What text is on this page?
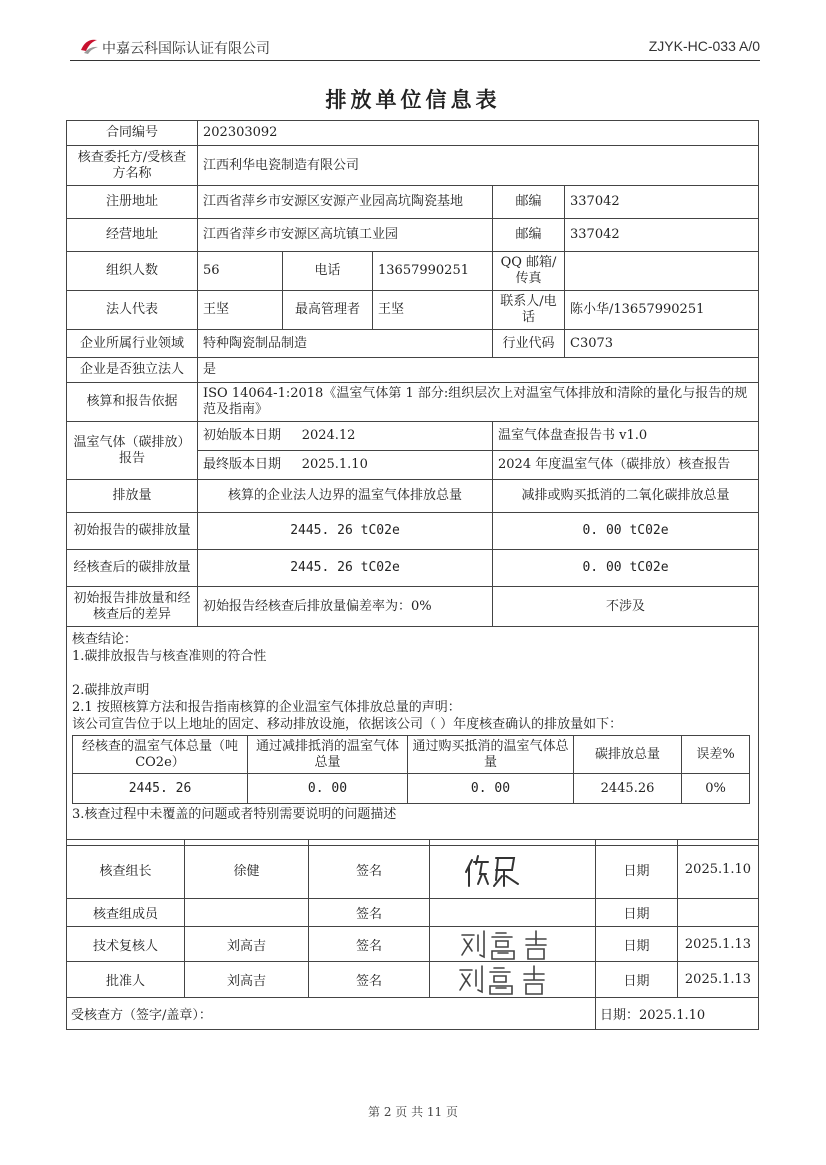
中嘉云科国际认证有限公司	ZJYK-HC-033 A/0
排放单位信息表
合同编号	202303092
核查委托方/受核查方名称	江西利华电瓷制造有限公司
注册地址	江西省萍乡市安源区安源产业园高坑陶瓷基地	邮编	337042
经营地址	江西省萍乡市安源区高坑镇工业园	邮编	337042
组织人数	56	电话	13657990251	QQ 邮箱/传真	
法人代表	王坚	最高管理者	王坚	联系人/电话	陈小华/13657990251
企业所属行业领域	特种陶瓷制品制造	行业代码	C3073
企业是否独立法人	是
核算和报告依据	ISO 14064-1:2018《温室气体第 1 部分:组织层次上对温室气体排放和清除的量化与报告的规范及指南》
温室气体（碳排放）报告	初始版本日期 2024.12	温室气体盘查报告书 v1.0
最终版本日期 2025.1.10	2024 年度温室气体（碳排放）核查报告
排放量	核算的企业法人边界的温室气体排放总量	减排或购买抵消的二氧化碳排放总量
初始报告的碳排放量	2445. 26 tC02e	0. 00 tC02e
经核查后的碳排放量	2445. 26 tC02e	0. 00 tC02e
初始报告排放量和经核查后的差异	初始报告经核查后排放量偏差率为：0%	不涉及

核查结论：

1.碳排放报告与核查准则的符合性

2.碳排放声明

2.1 按照核算方法和报告指南核算的企业温室气体排放总量的声明：

该公司宣告位于以上地址的固定、移动排放设施，依据该公司（ ）年度核查确认的排放量如下：

经核查的温室气体总量（吨 CO2e）	通过减排抵消的温室气体总量	通过购买抵消的温室气体总量	碳排放总量	误差%
2445. 26	0. 00	0. 00	2445.26	0%

3.核查过程中未覆盖的问题或者特别需要说明的问题描述

核查组长	徐健	签名		日期	2025.1.10
核查组成员		签名		日期	
技术复核人	刘高吉	签名		日期	2025.1.13
批准人	刘高吉	签名		日期	2025.1.13
受核查方（签字/盖章）：				日期：2025.1.10	
第 2 页 共 11 页
